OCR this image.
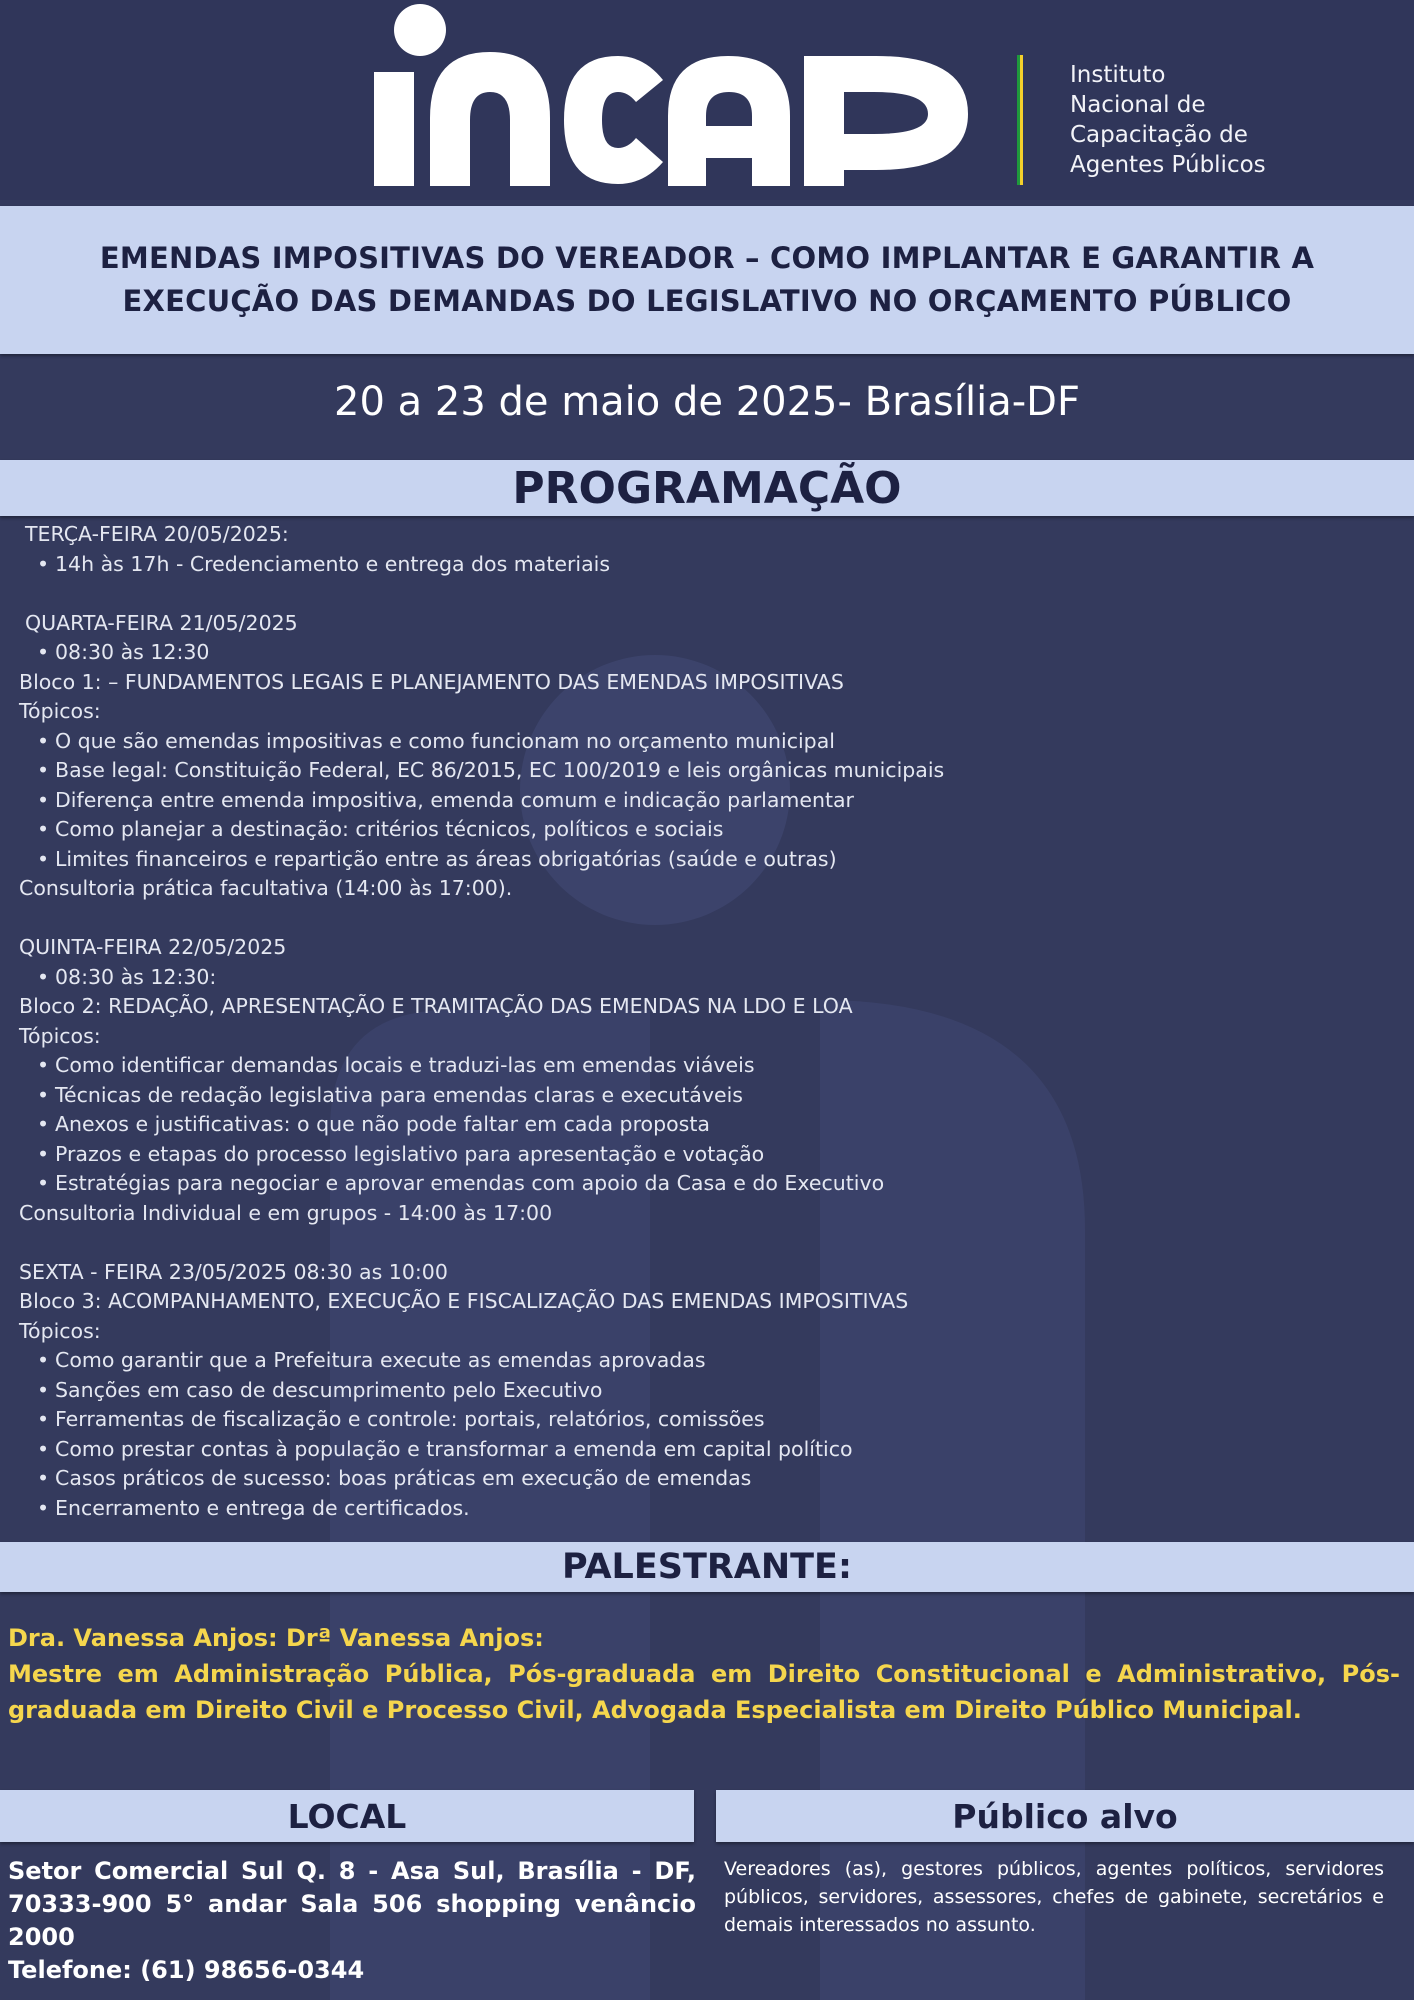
Instituto
Nacional de
Capacitação de
Agentes Públicos
EMENDAS IMPOSITIVAS DO VEREADOR – COMO IMPLANTAR E GARANTIR A
EXECUÇÃO DAS DEMANDAS DO LEGISLATIVO NO ORÇAMENTO PÚBLICO
20 a 23 de maio de 2025- Brasília-DF
PROGRAMAÇÃO
TERÇA-FEIRA 20/05/2025:
• 14h às 17h - Credenciamento e entrega dos materiais
QUARTA-FEIRA 21/05/2025
• 08:30 às 12:30
Bloco 1: – FUNDAMENTOS LEGAIS E PLANEJAMENTO DAS EMENDAS IMPOSITIVAS
Tópicos:
• O que são emendas impositivas e como funcionam no orçamento municipal
• Base legal: Constituição Federal, EC 86/2015, EC 100/2019 e leis orgânicas municipais
• Diferença entre emenda impositiva, emenda comum e indicação parlamentar
• Como planejar a destinação: critérios técnicos, políticos e sociais
• Limites financeiros e repartição entre as áreas obrigatórias (saúde e outras)
Consultoria prática facultativa (14:00 às 17:00).
QUINTA-FEIRA 22/05/2025
• 08:30 às 12:30:
Bloco 2: REDAÇÃO, APRESENTAÇÃO E TRAMITAÇÃO DAS EMENDAS NA LDO E LOA
Tópicos:
• Como identificar demandas locais e traduzi-las em emendas viáveis
• Técnicas de redação legislativa para emendas claras e executáveis
• Anexos e justificativas: o que não pode faltar em cada proposta
• Prazos e etapas do processo legislativo para apresentação e votação
• Estratégias para negociar e aprovar emendas com apoio da Casa e do Executivo
Consultoria Individual e em grupos - 14:00 às 17:00
SEXTA - FEIRA 23/05/2025 08:30 as 10:00
Bloco 3: ACOMPANHAMENTO, EXECUÇÃO E FISCALIZAÇÃO DAS EMENDAS IMPOSITIVAS
Tópicos:
• Como garantir que a Prefeitura execute as emendas aprovadas
• Sanções em caso de descumprimento pelo Executivo
• Ferramentas de fiscalização e controle: portais, relatórios, comissões
• Como prestar contas à população e transformar a emenda em capital político
• Casos práticos de sucesso: boas práticas em execução de emendas
• Encerramento e entrega de certificados.
PALESTRANTE:
Dra. Vanessa Anjos: Drª Vanessa Anjos:
Mestre em Administração Pública, Pós-graduada em Direito Constitucional e Administrativo, Pós-graduada em Direito Civil e Processo Civil, Advogada Especialista em Direito Público Municipal.
LOCAL	Público alvo
Setor Comercial Sul Q. 8 - Asa Sul, Brasília - DF, 70333-900 5° andar Sala 506 shopping venâncio 2000
Telefone: (61) 98656-0344
Vereadores (as), gestores públicos, agentes políticos, servidores públicos, servidores, assessores, chefes de gabinete, secretários e demais interessados no assunto.
